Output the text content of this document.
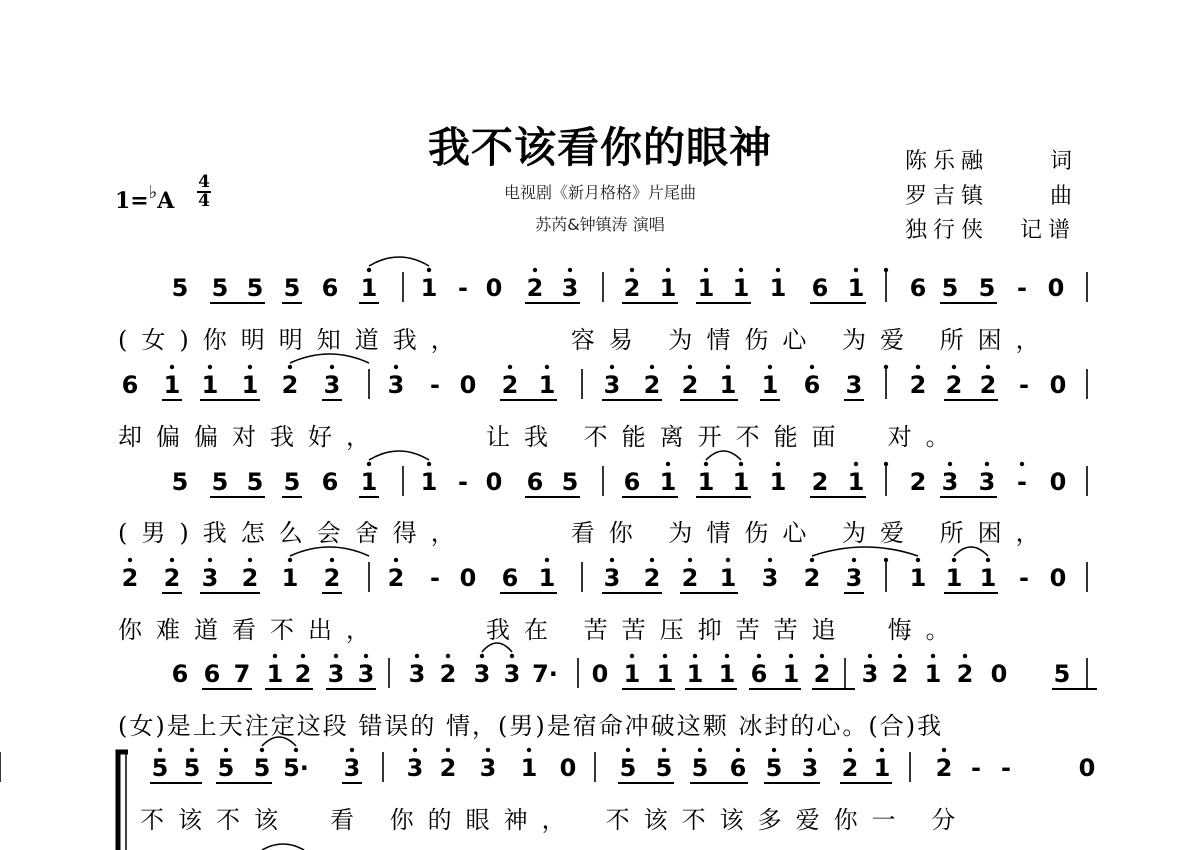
我不该看你的眼神
电视剧《新月格格》片尾曲
苏芮&钟镇涛 演唱
1=♭A
4
4
陈乐融	词
罗吉镇	曲
独行侠 记谱
5 5 5 5 6 1 1 - 0 2 3 2 1 1 1 1 6 1 6 5 5 - 0
6 1 1 1 2 3 3 - 0 2 1 3 2 2 1 1 6 3 2 2 2 - 0
5 5 5 5 6 1 1 - 0 6 5 6 1 1 1 1 2 1 2 3 3 - 0
2 2 3 2 1 2 2 - 0 6 1 3 2 2 1 3 2 3 1 1 1 - 0
6 6 7 1 2 3 3 3 2 3 3 7· 0 1 1 1 1 6 1 2 3 2 1 2 0 5
5 5 5 5 5· 3 3 2 3 1 0 5 5 5 6 5 3 2 1 2 - -	0
(女)你明明知道我，　　　容易 为情伤心 为爱 所困，
却偏偏对我好，　　　让我 不能离开不能面　对。
(男)我怎么会舍得，　　　看你 为情伤心 为爱 所困，
你难道看不出，　　　我在 苦苦压抑苦苦追　悔。
(女)是上天注定这段 错误的 情，(男)是宿命冲破这颗 冰封的心。(合)我
不该不该　看 你的眼神，　不该不该多爱你一 分
